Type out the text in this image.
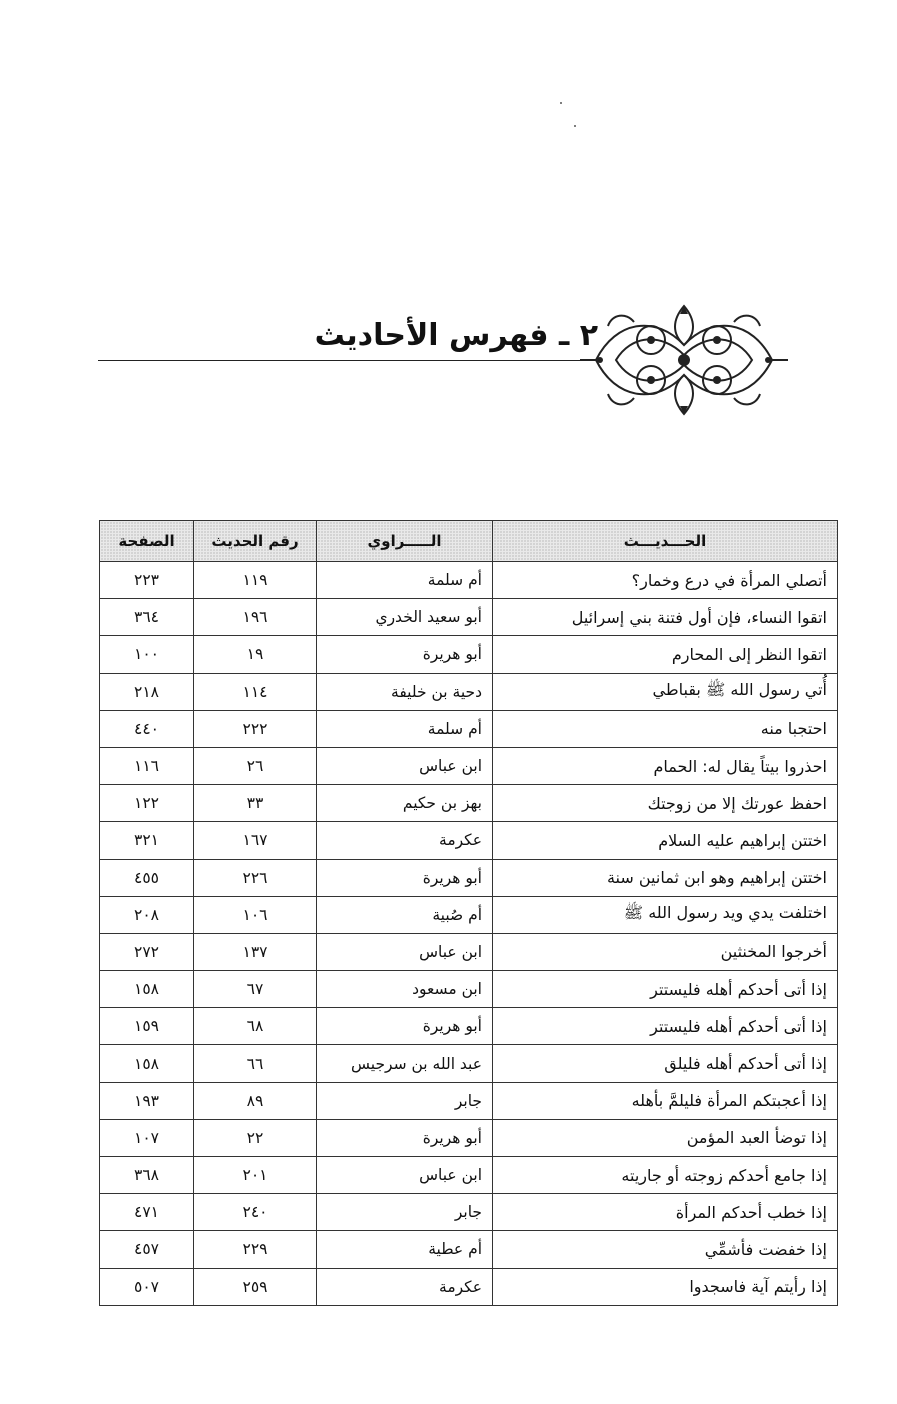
٢ ـ فهرس الأحاديث
الحـــديـــث	الـــــراوي	رقم الحديث	الصفحة
أتصلي المرأة في درع وخمار؟	أم سلمة	١١٩	٢٢٣
اتقوا النساء، فإن أول فتنة بني إسرائيل	أبو سعيد الخدري	١٩٦	٣٦٤
اتقوا النظر إلى المحارم	أبو هريرة	١٩	١٠٠
أُتي رسول الله ﷺ بقباطي	دحية بن خليفة	١١٤	٢١٨
احتجبا منه	أم سلمة	٢٢٢	٤٤٠
احذروا بيتاً يقال له: الحمام	ابن عباس	٢٦	١١٦
احفظ عورتك إلا من زوجتك	بهز بن حكيم	٣٣	١٢٢
اختتن إبراهيم عليه السلام	عكرمة	١٦٧	٣٢١
اختتن إبراهيم وهو ابن ثمانين سنة	أبو هريرة	٢٢٦	٤٥٥
اختلفت يدي ويد رسول الله ﷺ	أم صُبية	١٠٦	٢٠٨
أخرجوا المخنثين	ابن عباس	١٣٧	٢٧٢
إذا أتى أحدكم أهله فليستتر	ابن مسعود	٦٧	١٥٨
إذا أتى أحدكم أهله فليستتر	أبو هريرة	٦٨	١٥٩
إذا أتى أحدكم أهله فليلق	عبد الله بن سرجيس	٦٦	١٥٨
إذا أعجبتكم المرأة فليلمَّ بأهله	جابر	٨٩	١٩٣
إذا توضأ العبد المؤمن	أبو هريرة	٢٢	١٠٧
إذا جامع أحدكم زوجته أو جاريته	ابن عباس	٢٠١	٣٦٨
إذا خطب أحدكم المرأة	جابر	٢٤٠	٤٧١
إذا خفضت فأشمِّي	أم عطية	٢٢٩	٤٥٧
إذا رأيتم آية فاسجدوا	عكرمة	٢٥٩	٥٠٧
